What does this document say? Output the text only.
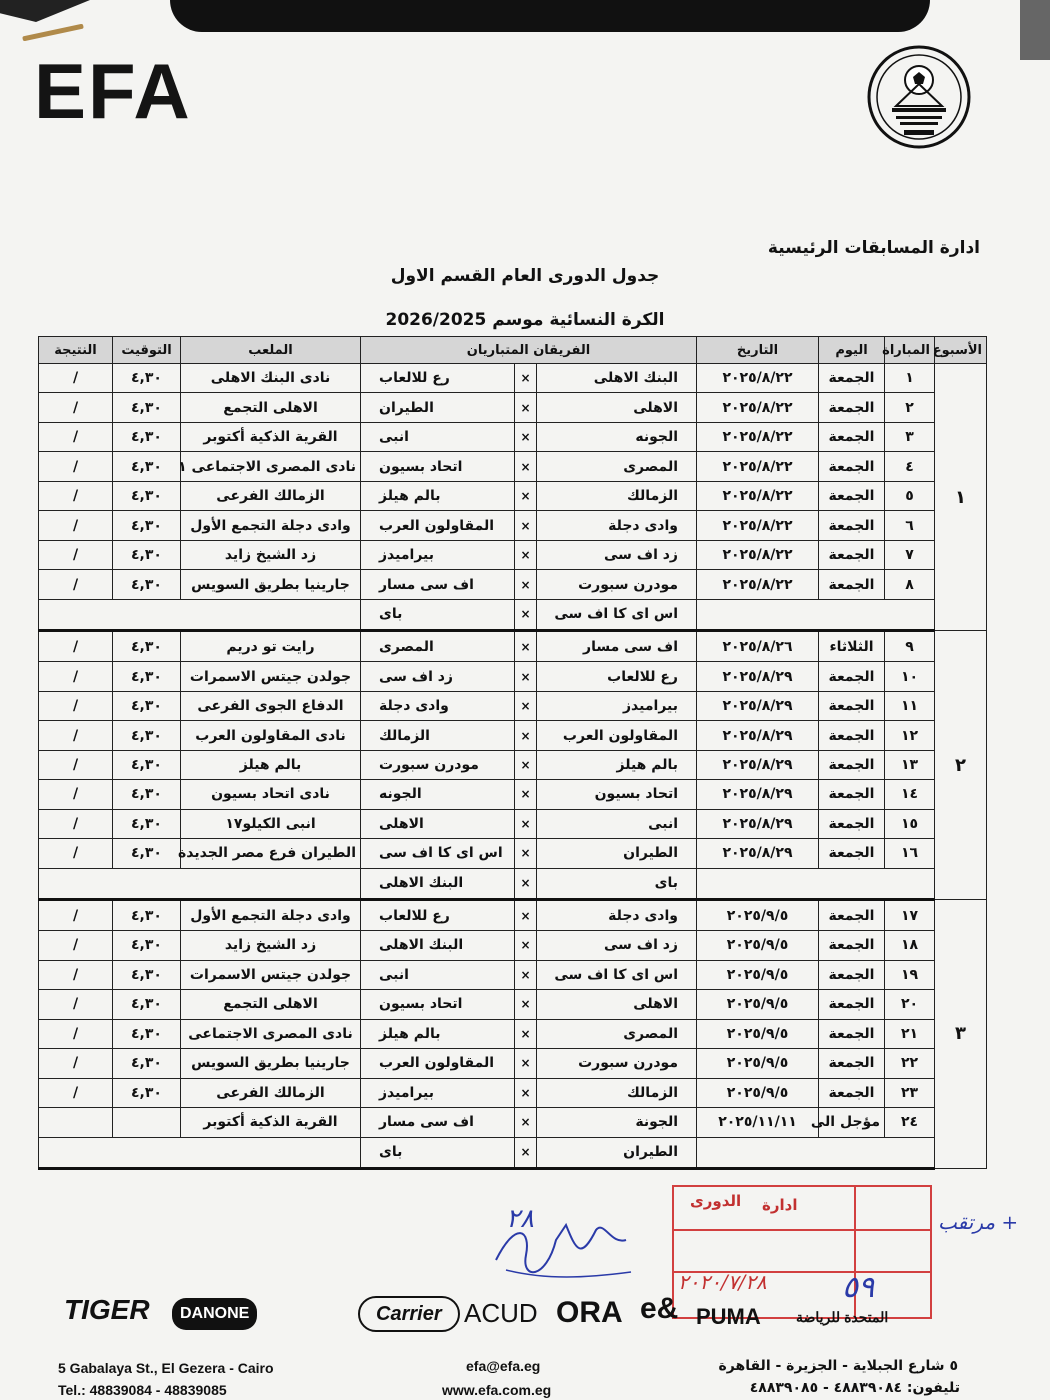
EFA
ادارة المسابقات الرئيسية
جدول الدورى العام القسم الاول
الكرة النسائية موسم 2026/2025
الأسبوع	المباراة	اليوم	التاريخ	الفريقان المتباريان			الملعب	التوقيت	النتيجة
١	١	الجمعة	٢٠٢٥/٨/٢٢	البنك الاهلى	×	رع للالعاب	نادى البنك الاهلى	٤,٣٠	/
	٢	الجمعة	٢٠٢٥/٨/٢٢	الاهلى	×	الطيران	الاهلى التجمع	٤,٣٠	/
	٣	الجمعة	٢٠٢٥/٨/٢٢	الجونه	×	انبى	القرية الذكية أكتوبر	٤,٣٠	/
	٤	الجمعة	٢٠٢٥/٨/٢٢	المصرى	×	اتحاد بسيون	نادى المصرى الاجتماعى ١	٤,٣٠	/
	٥	الجمعة	٢٠٢٥/٨/٢٢	الزمالك	×	بالم هيلز	الزمالك الفرعى	٤,٣٠	/
	٦	الجمعة	٢٠٢٥/٨/٢٢	وادى دجلة	×	المقاولون العرب	وادى دجلة التجمع الأول	٤,٣٠	/
	٧	الجمعة	٢٠٢٥/٨/٢٢	زد اف سى	×	بيراميدز	زد الشيخ زايد	٤,٣٠	/
	٨	الجمعة	٢٠٢٥/٨/٢٢	مودرن سبورت	×	اف سى مسار	جارينيا بطريق السويس	٤,٣٠	/
				اس اى كا اف سى	×	باى			
٢	٩	الثلاثاء	٢٠٢٥/٨/٢٦	اف سى مسار	×	المصرى	رايت تو دريم	٤,٣٠	/
	١٠	الجمعة	٢٠٢٥/٨/٢٩	رع للالعاب	×	زد اف سى	جولدن جيتس الاسمرات	٤,٣٠	/
	١١	الجمعة	٢٠٢٥/٨/٢٩	بيراميدز	×	وادى دجلة	الدفاع الجوى الفرعى	٤,٣٠	/
	١٢	الجمعة	٢٠٢٥/٨/٢٩	المقاولون العرب	×	الزمالك	نادى المقاولون العرب	٤,٣٠	/
	١٣	الجمعة	٢٠٢٥/٨/٢٩	بالم هيلز	×	مودرن سبورت	بالم هيلز	٤,٣٠	/
	١٤	الجمعة	٢٠٢٥/٨/٢٩	اتحاد بسيون	×	الجونه	نادى اتحاد بسيون	٤,٣٠	/
	١٥	الجمعة	٢٠٢٥/٨/٢٩	انبى	×	الاهلى	انبى الكيلو١٧	٤,٣٠	/
	١٦	الجمعة	٢٠٢٥/٨/٢٩	الطيران	×	اس اى كا اف سى	الطيران فرع مصر الجديدة	٤,٣٠	/
				باى	×	البنك الاهلى			
٣	١٧	الجمعة	٢٠٢٥/٩/٥	وادى دجلة	×	رع للالعاب	وادى دجلة التجمع الأول	٤,٣٠	/
	١٨	الجمعة	٢٠٢٥/٩/٥	زد اف سى	×	البنك الاهلى	زد الشيخ زايد	٤,٣٠	/
	١٩	الجمعة	٢٠٢٥/٩/٥	اس اى كا اف سى	×	انبى	جولدن جيتس الاسمرات	٤,٣٠	/
	٢٠	الجمعة	٢٠٢٥/٩/٥	الاهلى	×	اتحاد بسيون	الاهلى التجمع	٤,٣٠	/
	٢١	الجمعة	٢٠٢٥/٩/٥	المصرى	×	بالم هيلز	نادى المصرى الاجتماعى	٤,٣٠	/
	٢٢	الجمعة	٢٠٢٥/٩/٥	مودرن سبورت	×	المقاولون العرب	جارينيا بطريق السويس	٤,٣٠	/
	٢٣	الجمعة	٢٠٢٥/٩/٥	الزمالك	×	بيراميدز	الزمالك الفرعى	٤,٣٠	/
	٢٤	مؤجل الى	٢٠٢٥/١١/١١	الجونة	×	اف سى مسار	القرية الذكية أكتوبر		
				الطيران	×	باى			
الدورى ادارة
٢٠٢٠/٧/٢٨	٥٩
مرتقب +
٢٨
TIGER	DANONE	Carrier ACUD ORA e& PUMA	المتحدة للرياضة
5 Gabalaya St., El Gezera - Cairo
Tel.: 48839084 - 48839085
efa@efa.eg
www.efa.com.eg
٥ شارع الجبلاية - الجزيرة - القاهرة
تليفون: ٤٨٨٣٩٠٨٤ - ٤٨٨٣٩٠٨٥
